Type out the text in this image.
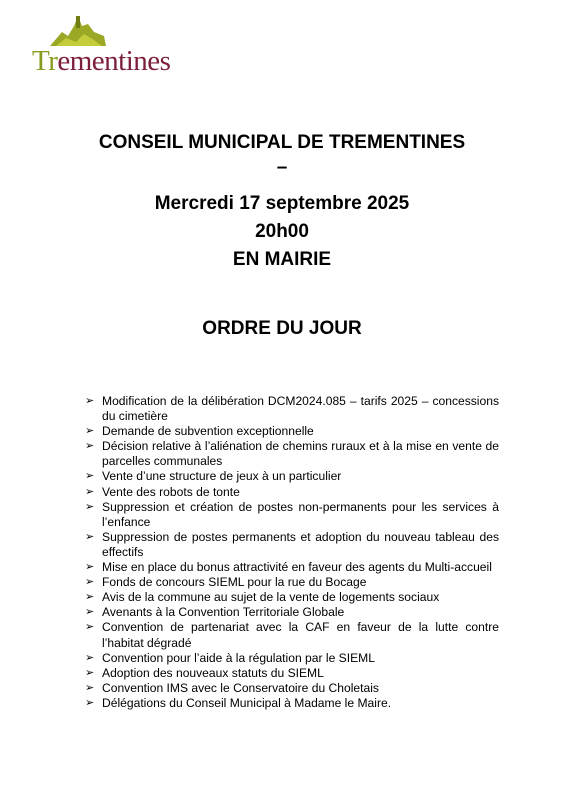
Trementines
CONSEIL MUNICIPAL DE TREMENTINES
–
Mercredi 17 septembre 2025
20h00
EN MAIRIE
ORDRE DU JOUR
➢ Modification de la délibération DCM2024.085 – tarifs 2025 – concessions du cimetière
➢ Demande de subvention exceptionnelle
➢ Décision relative à l’aliénation de chemins ruraux et à la mise en vente de parcelles communales
➢ Vente d’une structure de jeux à un particulier
➢ Vente des robots de tonte
➢ Suppression et création de postes non-permanents pour les services à l’enfance
➢ Suppression de postes permanents et adoption du nouveau tableau des effectifs
➢ Mise en place du bonus attractivité en faveur des agents du Multi-accueil
➢ Fonds de concours SIEML pour la rue du Bocage
➢ Avis de la commune au sujet de la vente de logements sociaux
➢ Avenants à la Convention Territoriale Globale
➢ Convention de partenariat avec la CAF en faveur de la lutte contre l’habitat dégradé
➢ Convention pour l’aide à la régulation par le SIEML
➢ Adoption des nouveaux statuts du SIEML
➢ Convention IMS avec le Conservatoire du Choletais
➢ Délégations du Conseil Municipal à Madame le Maire.
